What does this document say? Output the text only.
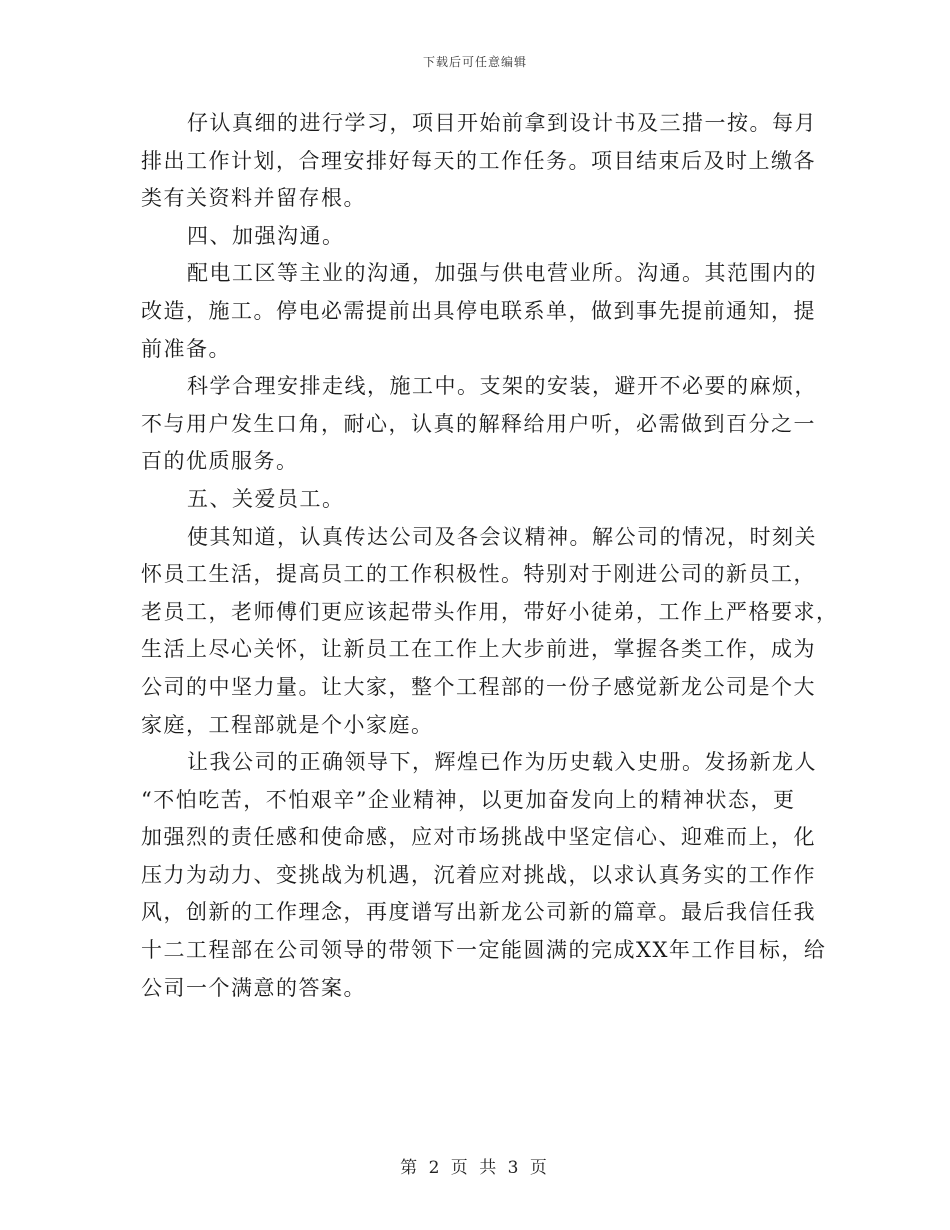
下载后可任意编辑
仔认真细的进行学习，项目开始前拿到设计书及三措一按。每月
排出工作计划，合理安排好每天的工作任务。项目结束后及时上缴各
类有关资料并留存根。
四、加强沟通。
配电工区等主业的沟通，加强与供电营业所。沟通。其范围内的
改造，施工。停电必需提前出具停电联系单，做到事先提前通知，提
前准备。
科学合理安排走线，施工中。支架的安装，避开不必要的麻烦，
不与用户发生口角，耐心，认真的解释给用户听，必需做到百分之一
百的优质服务。
五、关爱员工。
使其知道，认真传达公司及各会议精神。解公司的情况，时刻关
怀员工生活，提高员工的工作积极性。特别对于刚进公司的新员工，
老员工，老师傅们更应该起带头作用，带好小徒弟，工作上严格要求，
生活上尽心关怀，让新员工在工作上大步前进，掌握各类工作，成为
公司的中坚力量。让大家，整个工程部的一份子感觉新龙公司是个大
家庭，工程部就是个小家庭。
让我公司的正确领导下，辉煌已作为历史载入史册。发扬新龙人
“不怕吃苦，不怕艰辛”企业精神，以更加奋发向上的精神状态，更
加强烈的责任感和使命感，应对市场挑战中坚定信心、迎难而上，化
压力为动力、变挑战为机遇，沉着应对挑战，以求认真务实的工作作
风，创新的工作理念，再度谱写出新龙公司新的篇章。最后我信任我
十二工程部在公司领导的带领下一定能圆满的完成XX年工作目标，给
公司一个满意的答案。
第 2 页 共 3 页
